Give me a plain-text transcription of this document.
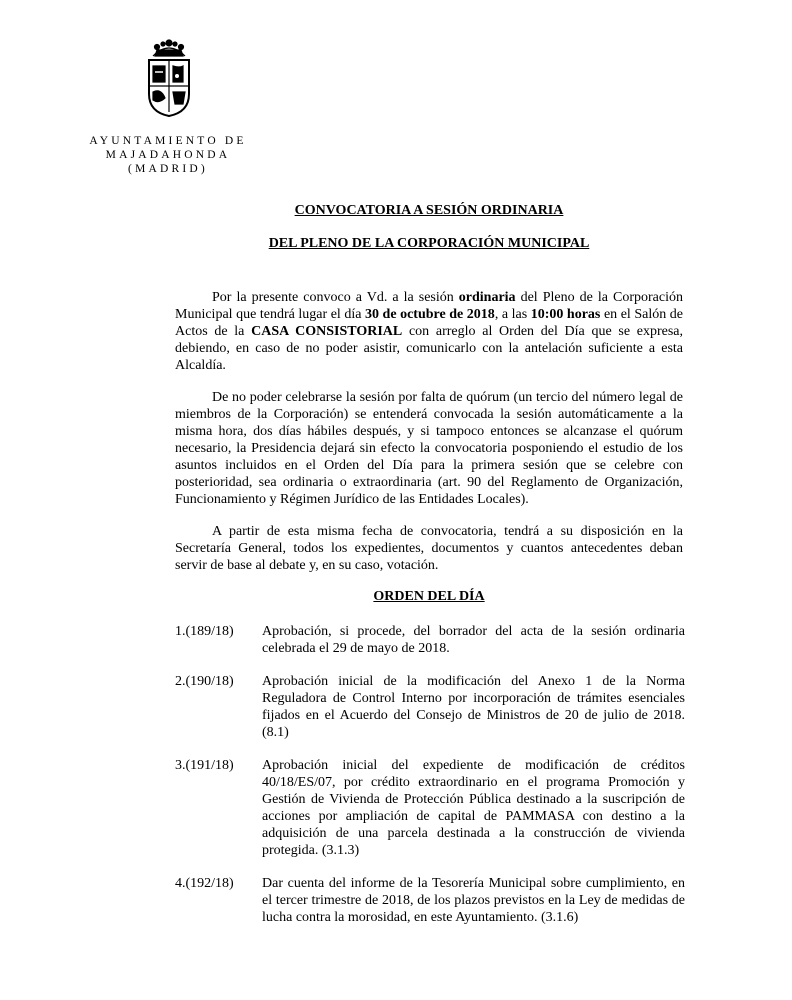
AYUNTAMIENTO DE
MAJADAHONDA
(MADRID)
CONVOCATORIA A SESIÓN ORDINARIA
DEL PLENO DE LA CORPORACIÓN MUNICIPAL

Por la presente convoco a Vd. a la sesión ordinaria del Pleno de la Corporación Municipal que tendrá lugar el día 30 de octubre de 2018, a las 10:00 horas en el Salón de Actos de la CASA CONSISTORIAL con arreglo al Orden del Día que se expresa, debiendo, en caso de no poder asistir, comunicarlo con la antelación suficiente a esta Alcaldía.

De no poder celebrarse la sesión por falta de quórum (un tercio del número legal de miembros de la Corporación) se entenderá convocada la sesión automáticamente a la misma hora, dos días hábiles después, y si tampoco entonces se alcanzase el quórum necesario, la Presidencia dejará sin efecto la convocatoria posponiendo el estudio de los asuntos incluidos en el Orden del Día para la primera sesión que se celebre con posterioridad, sea ordinaria o extraordinaria (art. 90 del Reglamento de Organización, Funcionamiento y Régimen Jurídico de las Entidades Locales).

A partir de esta misma fecha de convocatoria, tendrá a su disposición en la Secretaría General, todos los expedientes, documentos y cuantos antecedentes deban servir de base al debate y, en su caso, votación.

ORDEN DEL DÍA
1.(189/18) Aprobación, si procede, del borrador del acta de la sesión ordinaria celebrada el 29 de mayo de 2018.
2.(190/18) Aprobación inicial de la modificación del Anexo 1 de la Norma Reguladora de Control Interno por incorporación de trámites esenciales fijados en el Acuerdo del Consejo de Ministros de 20 de julio de 2018. (8.1)
3.(191/18) Aprobación inicial del expediente de modificación de créditos 40/18/ES/07, por crédito extraordinario en el programa Promoción y Gestión de Vivienda de Protección Pública destinado a la suscripción de acciones por ampliación de capital de PAMMASA con destino a la adquisición de una parcela destinada a la construcción de vivienda protegida. (3.1.3)
4.(192/18) Dar cuenta del informe de la Tesorería Municipal sobre cumplimiento, en el tercer trimestre de 2018, de los plazos previstos en la Ley de medidas de lucha contra la morosidad, en este Ayuntamiento. (3.1.6)
